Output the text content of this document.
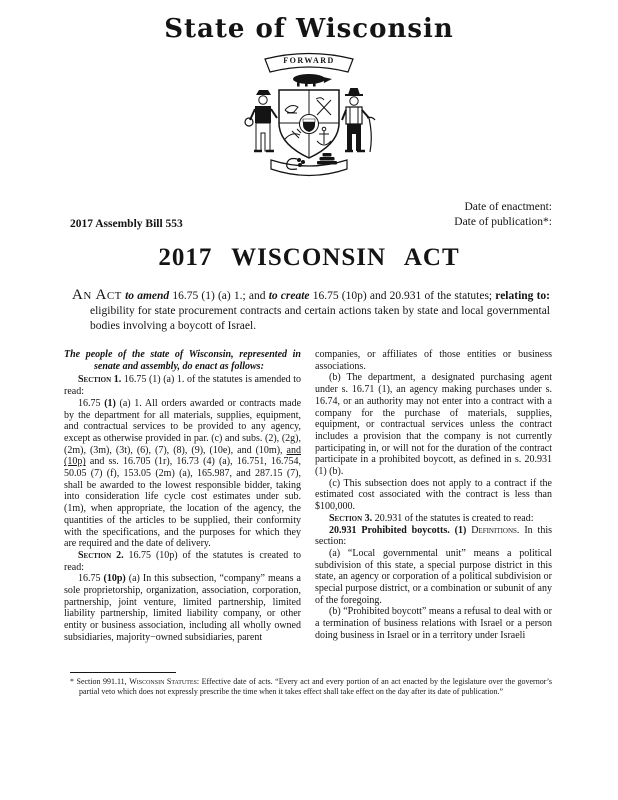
State of Wisconsin
FORWARD
2017 Assembly Bill 553
Date of enactment:
Date of publication*:
2017 WISCONSIN ACT

An Act to amend 16.75 (1) (a) 1.; and to create 16.75 (10p) and 20.931 of the statutes; relating to: eligibility for state procurement contracts and certain actions taken by state and local governmental bodies involving a boycott of Israel.

The people of the state of Wisconsin, represented in senate and assembly, do enact as follows:
Section 1. 16.75 (1) (a) 1. of the statutes is amended to read:
16.75 (1) (a) 1. All orders awarded or contracts made by the department for all materials, supplies, equipment, and contractual services to be provided to any agency, except as otherwise provided in par. (c) and subs. (2), (2g), (2m), (3m), (3t), (6), (7), (8), (9), (10e), and (10m), and (10p) and ss. 16.705 (1r), 16.73 (4) (a), 16.751, 16.754, 50.05 (7) (f), 153.05 (2m) (a), 165.987, and 287.15 (7), shall be awarded to the lowest responsible bidder, taking into consideration life cycle cost estimates under sub. (1m), when appropriate, the location of the agency, the quantities of the articles to be supplied, their conformity with the specifications, and the purposes for which they are required and the date of delivery.
Section 2. 16.75 (10p) of the statutes is created to read:
16.75 (10p) (a) In this subsection, “company” means a sole proprietorship, organization, association, corporation, partnership, joint venture, limited partnership, limited liability partnership, limited liability company, or other entity or business association, including all wholly owned subsidiaries, majority−owned subsidiaries, parent
companies, or affiliates of those entities or business associations.
(b) The department, a designated purchasing agent under s. 16.71 (1), an agency making purchases under s. 16.74, or an authority may not enter into a contract with a company for the purchase of materials, supplies, equipment, or contractual services unless the contract includes a provision that the company is not currently participating in, or will not for the duration of the contract participate in a prohibited boycott, as defined in s. 20.931 (1) (b).
(c) This subsection does not apply to a contract if the estimated cost associated with the contract is less than $100,000.
Section 3. 20.931 of the statutes is created to read:
20.931 Prohibited boycotts. (1) Definitions. In this section:
(a) “Local governmental unit” means a political subdivision of this state, a special purpose district in this state, an agency or corporation of a political subdivision or special purpose district, or a combination or subunit of any of the foregoing.
(b) “Prohibited boycott” means a refusal to deal with or a termination of business relations with Israel or a person doing business in Israel or in a territory under Israeli

* Section 991.11, Wisconsin Statutes: Effective date of acts. “Every act and every portion of an act enacted by the legislature over the governor’s partial veto which does not expressly prescribe the time when it takes effect shall take effect on the day after its date of publication.”
